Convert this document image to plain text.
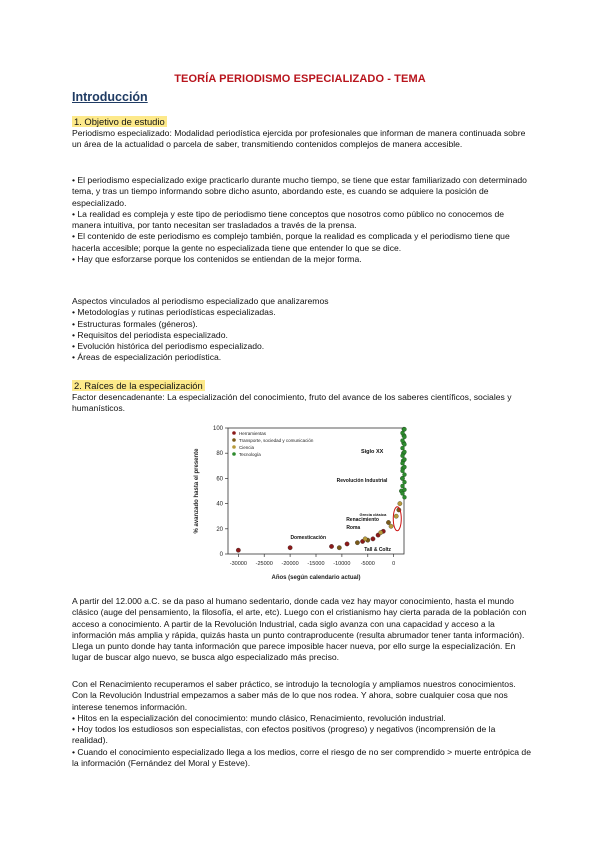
TEORÍA PERIODISMO ESPECIALIZADO - TEMA
Introducción
1. Objetivo de estudio

Periodismo especializado: Modalidad periodística ejercida por profesionales que informan de manera continuada sobre un área de la actualidad o parcela de saber, transmitiendo contenidos complejos de manera accesible.

• El periodismo especializado exige practicarlo durante mucho tiempo, se tiene que estar familiarizado con determinado tema, y tras un tiempo informando sobre dicho asunto, abordando este, es cuando se adquiere la posición de especializado.

• La realidad es compleja y este tipo de periodismo tiene conceptos que nosotros como público no conocemos de manera intuitiva, por tanto necesitan ser trasladados a través de la prensa.

• El contenido de este periodismo es complejo también, porque la realidad es complicada y el periodismo tiene que hacerla accesible; porque la gente no especializada tiene que entender lo que se dice.

• Hay que esforzarse porque los contenidos se entiendan de la mejor forma.

Aspectos vinculados al periodismo especializado que analizaremos

• Metodologías y rutinas periodísticas especializadas.

• Estructuras formales (géneros).

• Requisitos del periodista especializado.

• Evolución histórica del periodismo especializado.

• Áreas de especialización periodística.

2. Raíces de la especialización

Factor desencadenante: La especialización del conocimiento, fruto del avance de los saberes científicos, sociales y humanísticos.

-30000 -25000 -20000 -15000 -10000 -5000	0
0
20
40
60
80
100
Años (según calendario actual)
% avanzado hasta el presente
Herramientas
Transporte, sociedad y comunicación
Ciencia
Tecnología	Siglo XX
Revolución Industrial
Renacimiento
Roma
Grecia clásica
Domesticación
Tall & Coltz

A partir del 12.000 a.C. se da paso al humano sedentario, donde cada vez hay mayor conocimiento, hasta el mundo clásico (auge del pensamiento, la filosofía, el arte, etc). Luego con el cristianismo hay cierta parada de la población con acceso a conocimiento. A partir de la Revolución Industrial, cada siglo avanza con una capacidad y acceso a la información más amplia y rápida, quizás hasta un punto contraproducente (resulta abrumador tener tanta información). Llega un punto donde hay tanta información que parece imposible hacer nueva, por ello surge la especialización. En lugar de buscar algo nuevo, se busca algo especializado más preciso.

Con el Renacimiento recuperamos el saber práctico, se introdujo la tecnología y ampliamos nuestros conocimientos. Con la Revolución Industrial empezamos a saber más de lo que nos rodea. Y ahora, sobre cualquier cosa que nos interese tenemos información.

• Hitos en la especialización del conocimiento: mundo clásico, Renacimiento, revolución industrial.

• Hoy todos los estudiosos son especialistas, con efectos positivos (progreso) y negativos (incomprensión de la realidad).

• Cuando el conocimiento especializado llega a los medios, corre el riesgo de no ser comprendido > muerte entrópica de la información (Fernández del Moral y Esteve).
